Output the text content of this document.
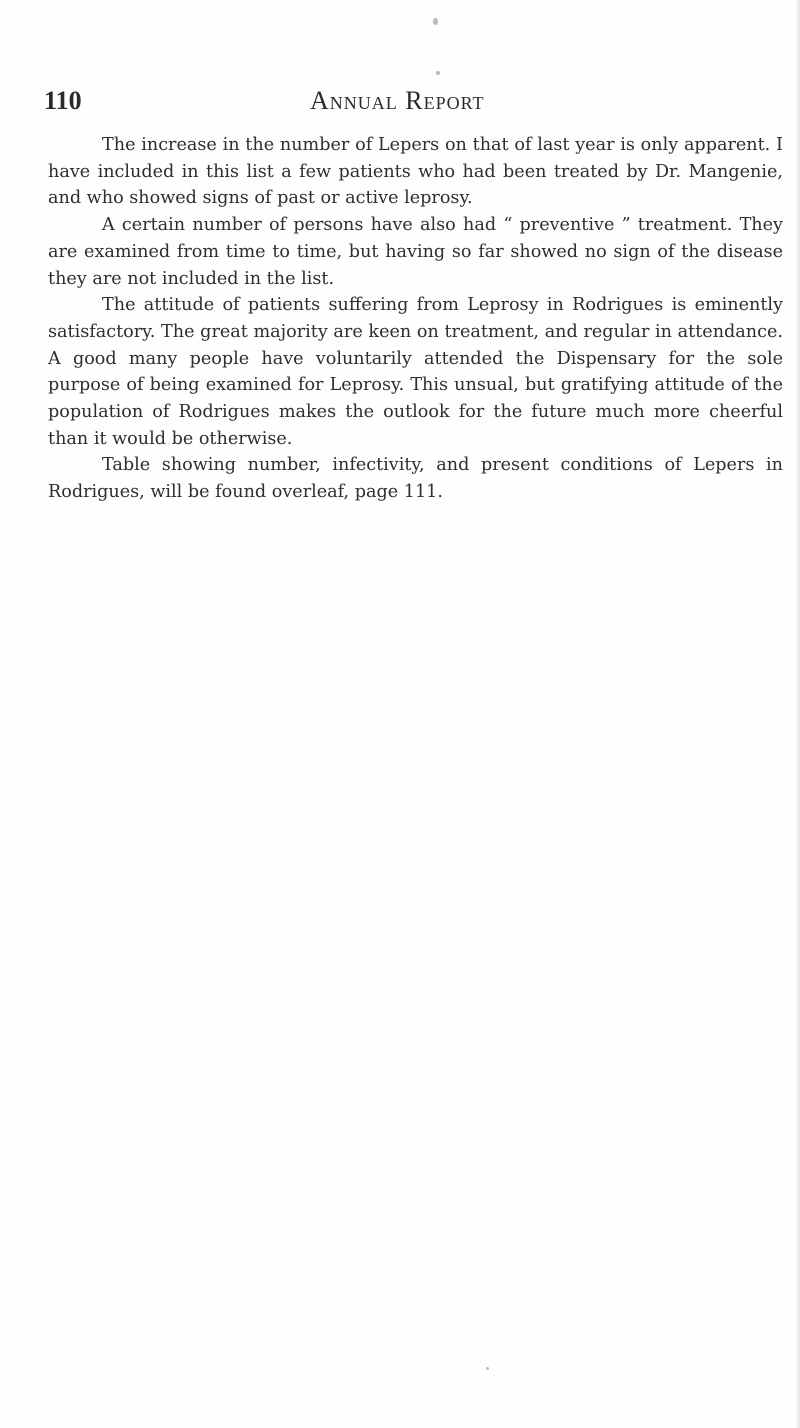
110	Annual Report

The increase in the number of Lepers on that of last year is only apparent. I have included in this list a few patients who had been treated by Dr. Mangenie, and who showed signs of past or active leprosy.

A certain number of persons have also had “ preventive ” treatment. They are examined from time to time, but having so far showed no sign of the disease they are not included in the list.

The attitude of patients suffering from Leprosy in Rodrigues is eminently satisfactory. The great majority are keen on treatment, and regular in attendance. A good many people have voluntarily attended the Dispensary for the sole purpose of being examined for Leprosy. This unsual, but gratifying attitude of the population of Rodrigues makes the outlook for the future much more cheerful than it would be otherwise.

Table showing number, infectivity, and present conditions of Lepers in Rodrigues, will be found overleaf, page 111.
